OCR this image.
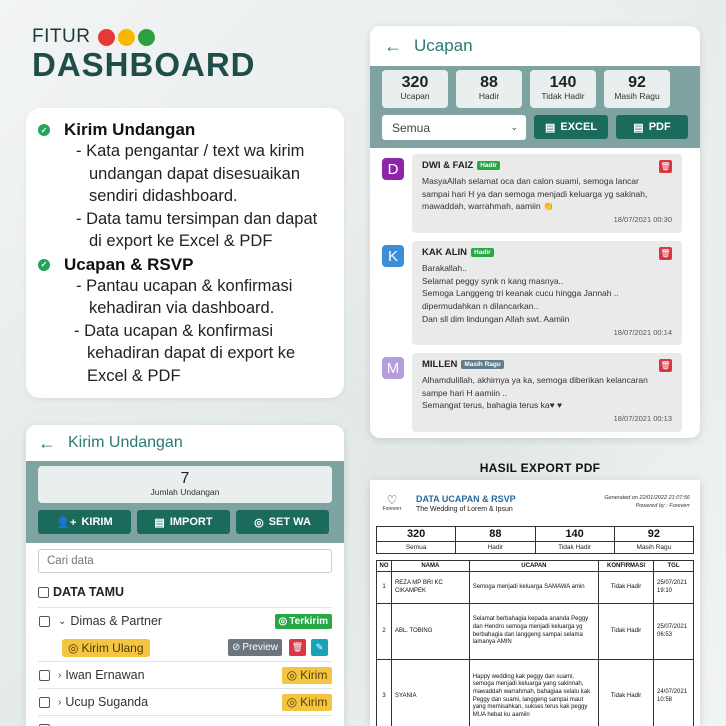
FITUR
DASHBOARD
✓ Kirim Undangan
- Kata pengantar / text wa kirim undangan dapat disesuaikan sendiri didashboard.
- Data tamu tersimpan dan dapat di export ke Excel & PDF
✓ Ucapan & RSVP
- Pantau ucapan & konfirmasi kehadiran via dashboard.
- Data ucapan & konfirmasi kehadiran dapat di export ke Excel & PDF
← Ucapan
320
Ucapan
88
Hadir
140
Tidak Hadir
92
Masih Ragu
Semua	⌄ ▤ EXCEL	▤ PDF
D	DWI & FAIZ	Hadir
MasyaAllah selamat oca dan calon suami, semoga lancar
sampai hari H ya dan semoga menjadi keluarga yg sakinah,
mawaddah, warrahmah, aamiin 👏
18/07/2021 00:30
🗑
K	KAK ALIN	Hadir
Barakallah..
Selamat peggy synk n kang masnya..
Semoga Langgeng tri keanak cucu hingga Jannah ..
dipermudahkan n dilancarkan..
Dan sll dim lindungan Allah swt. Aamiin
18/07/2021 00:14
🗑
M	MILLEN	Masih Ragu
Alhamdulillah, akhirnya ya ka, semoga diberikan kelancaran
sampe hari H aamiin ..
Semangat terus, bahagia terus ka♥ ♥
18/07/2021 00:13
🗑
← Kirim Undangan
7
Jumlah Undangan
👤+ KIRIM	▤ IMPORT	◎ SET WA
Cari data
DATA TAMU
⌄ Dimas & Partner	◎ Terkirim
◎ Kirim Ulang	⊘ Preview	🗑	✎
› Iwan Ernawan	◎ Kirim
› Ucup Suganda	◎ Kirim
HASIL EXPORT PDF
♡
Foreverr
DATA UCAPAN & RSVP
The Wedding of Lorem & Ipsun
Generated on 22/01/2022 21:07:56
Powered by : Foreverr
320
Semua
88
Hadir
140
Tidak Hadir
92
Masih Ragu
NO	NAMA	UCAPAN	KONFIRMASI	TGL
1	REZA MP BRI KC CIKAMPEK	Semoga menjadi keluarga SAMAWA amin	Tidak Hadir	25/07/2021 19:10
2	ABL. TOBING	Selamat berbahagia kepada ananda Peggy dan Hendro semoga menjadi keluarga yg berbahagia dan langgeng sampai selama lamanya AMIN	Tidak Hadir	25/07/2021 06:53
3	SYANIA	Happy wedding kak peggy dan suami, semoga menjadi keluarga yang sakinnah, mawaddah warrahmah, bahagiaa selalu kak Peggy dan suami, langgeng sampai maut yang memisahkan, sukses terus kak peggy MUA hebat ku aamiin	Tidak Hadir	24/07/2021 10:58
